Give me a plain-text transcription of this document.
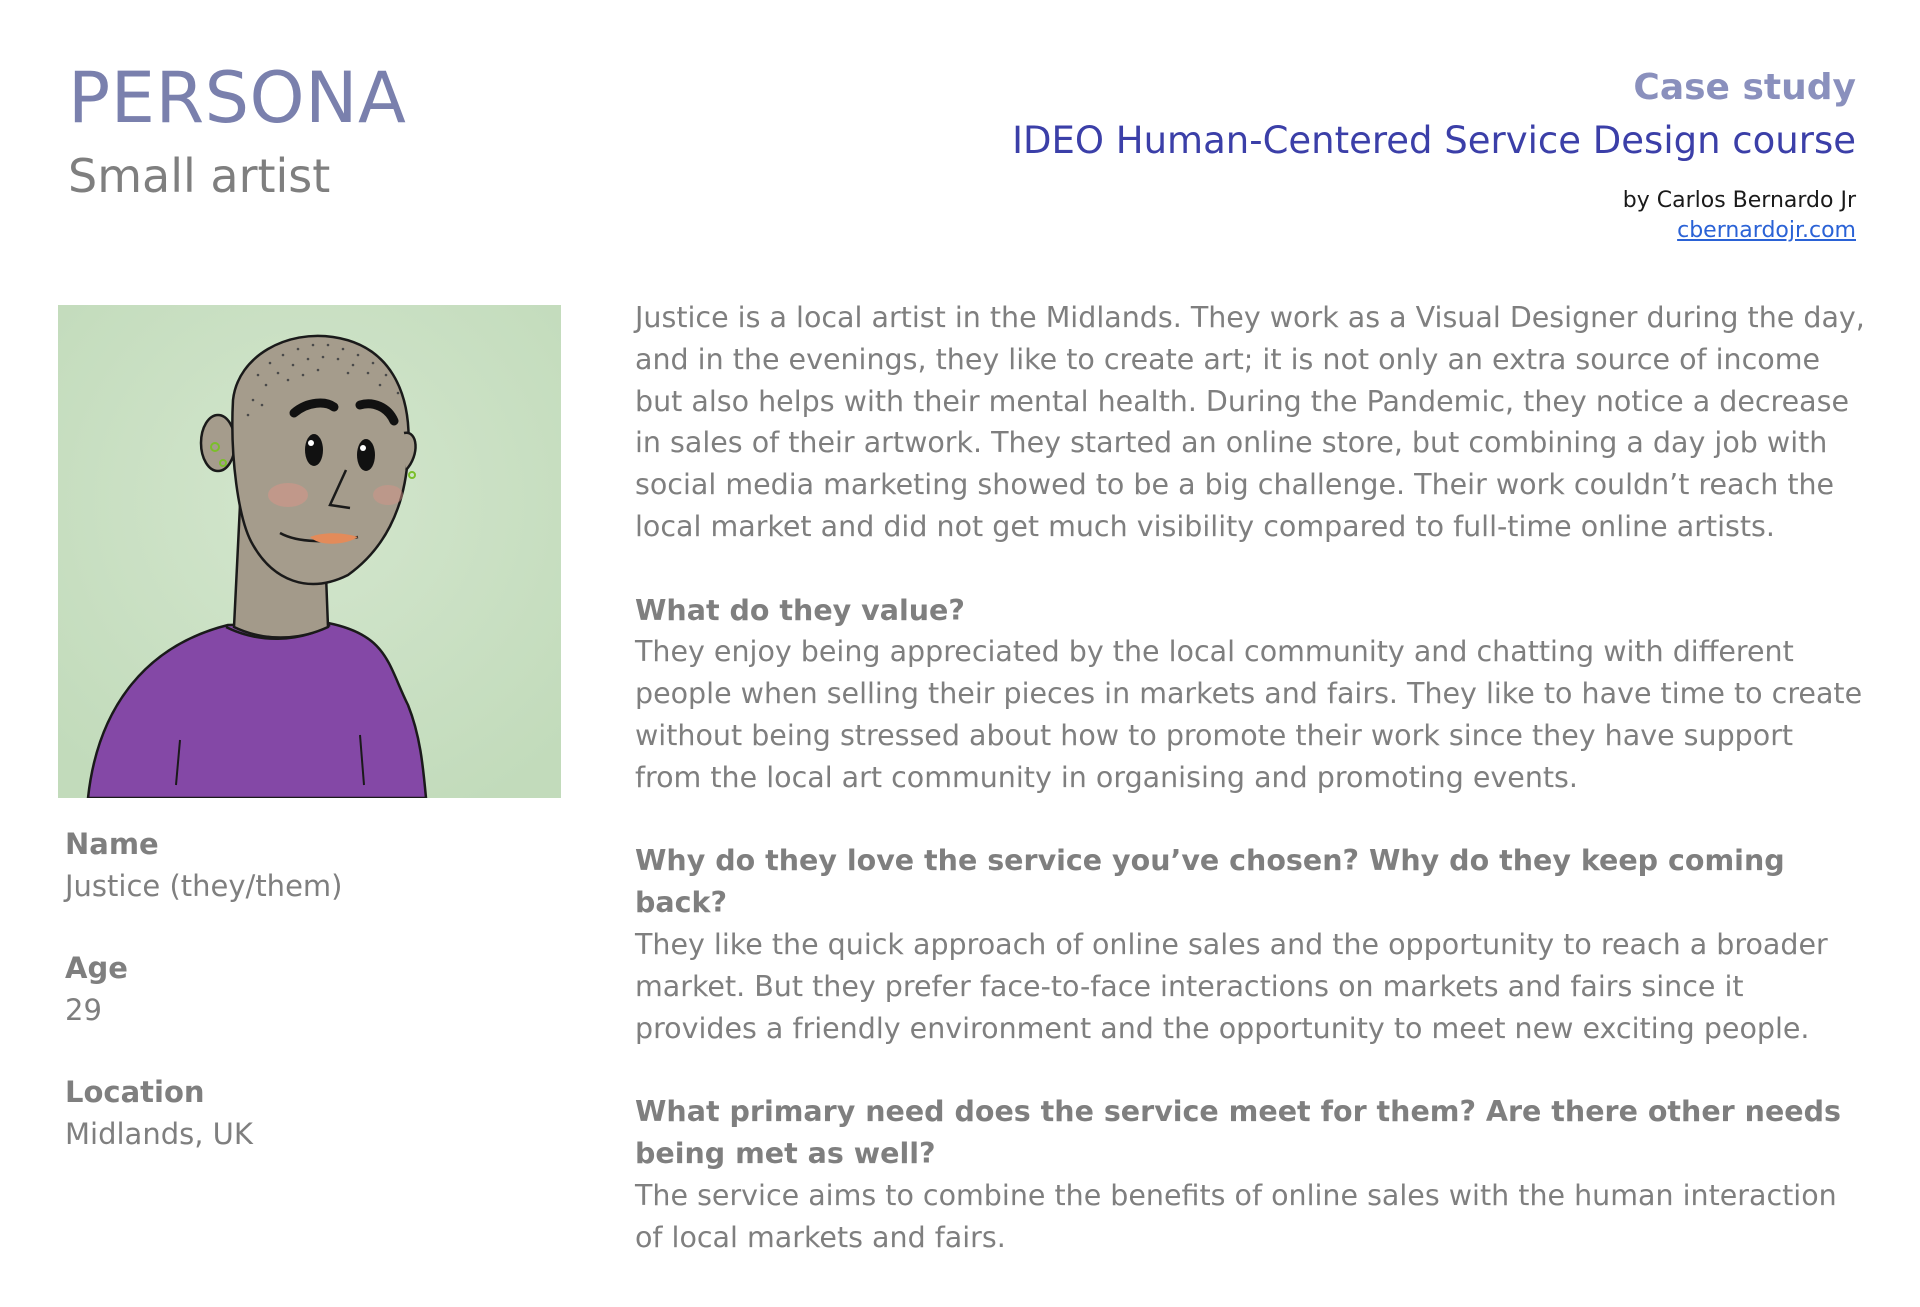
PERSONA
Small artist
Case study
IDEO Human-Centered Service Design course
by Carlos Bernardo Jr
cbernardojr.com
Name
Justice (they/them)
Age
29
Location
Midlands, UK

Justice is a local artist in the Midlands. They work as a Visual Designer during the day, and in the evenings, they like to create art; it is not only an extra source of income but also helps with their mental health. During the Pandemic, they notice a decrease in sales of their artwork. They started an online store, but combining a day job with social media marketing showed to be a big challenge. Their work couldn’t reach the local market and did not get much visibility compared to full-time online artists.

What do they value?
They enjoy being appreciated by the local community and chatting with different people when selling their pieces in markets and fairs. They like to have time to create without being stressed about how to promote their work since they have support from the local art community in organising and promoting events.
Why do they love the service you’ve chosen? Why do they keep coming back?
They like the quick approach of online sales and the opportunity to reach a broader market. But they prefer face-to-face interactions on markets and fairs since it provides a friendly environment and the opportunity to meet new exciting people.
What primary need does the service meet for them? Are there other needs being met as well?
The service aims to combine the benefits of online sales with the human interaction of local markets and fairs.
